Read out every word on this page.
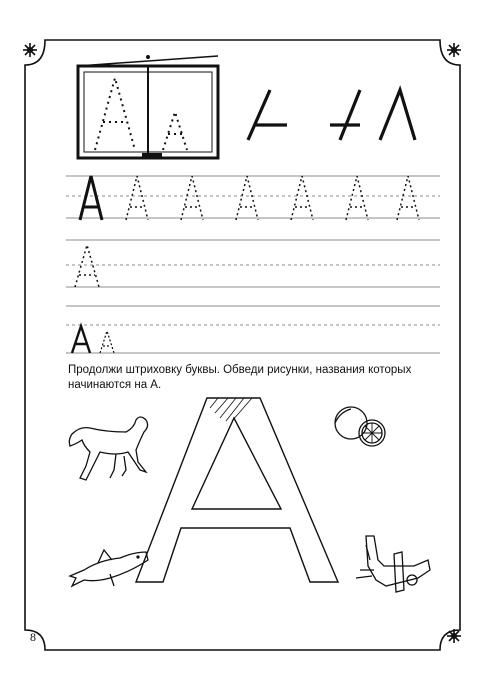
Продолжи штриховку буквы. Обведи рисунки, названия которых
начинаются на А.
8
